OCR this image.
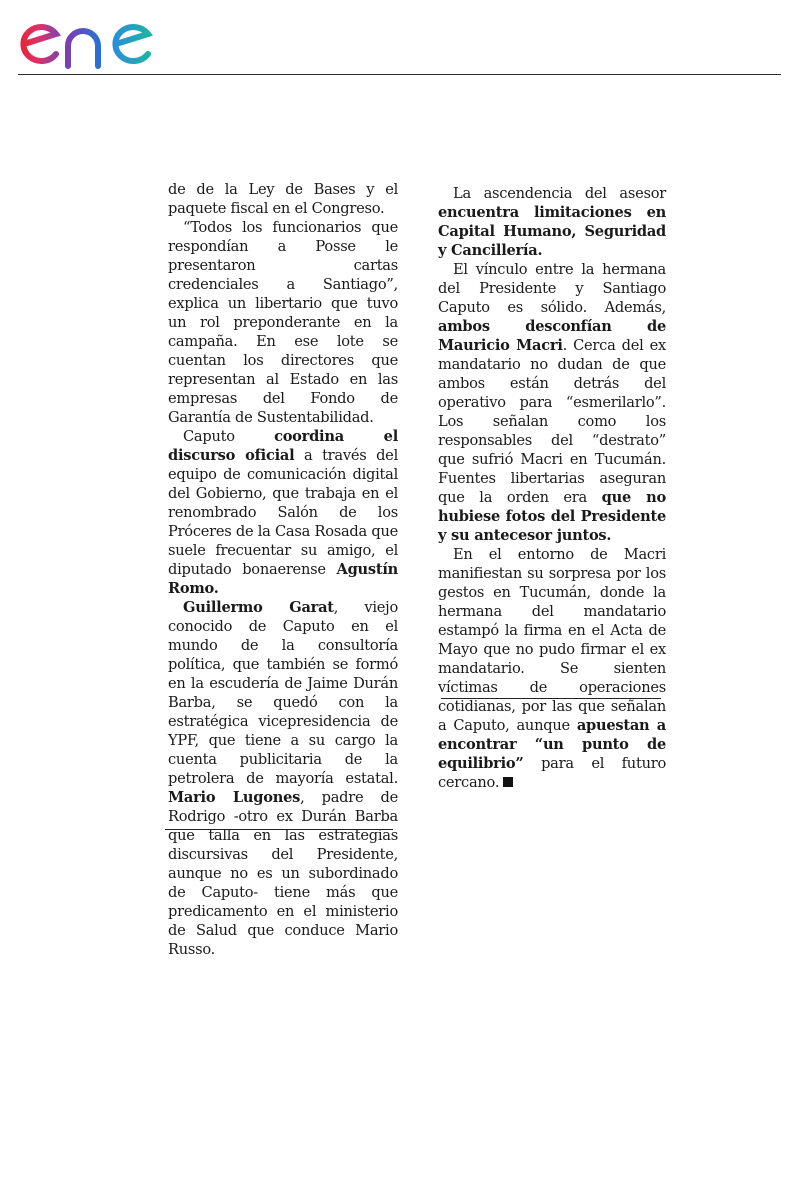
de de la Ley de Bases y el paquete fiscal en el Congreso.

“Todos los funcionarios que respondían a Posse le presentaron cartas credenciales a Santiago”, explica un libertario que tuvo un rol preponderante en la campaña. En ese lote se cuentan los directores que representan al Estado en las empresas del Fondo de Garantía de Sustentabilidad.

Caputo coordina el discurso oficial a través del equipo de comunicación digital del Gobierno, que trabaja en el renombrado Salón de los Próceres de la Casa Rosada que suele frecuentar su amigo, el diputado bonaerense Agustín Romo.

Guillermo Garat, viejo conocido de Caputo en el mundo de la consultoría política, que también se formó en la escudería de Jaime Durán Barba, se quedó con la estratégica vicepresidencia de YPF, que tiene a su cargo la cuenta publicitaria de la petrolera de mayoría estatal. Mario Lugones, padre de Rodrigo -otro ex Durán Barba que talla en las estrategias discursivas del Presidente, aunque no es un subordinado de Caputo- tiene más que predicamento en el ministerio de Salud que conduce Mario Russo.

La ascendencia del asesor encuentra limitaciones en Capital Humano, Seguridad y Cancillería.

El vínculo entre la hermana del Presidente y Santiago Caputo es sólido. Además, ambos desconfían de Mauricio Macri. Cerca del ex mandatario no dudan de que ambos están detrás del operativo para “esmerilarlo”. Los señalan como los responsables del “destrato” que sufrió Macri en Tucumán. Fuentes libertarias aseguran que la orden era que no hubiese fotos del Presidente y su antecesor juntos.

En el entorno de Macri manifiestan su sorpresa por los gestos en Tucumán, donde la hermana del mandatario estampó la firma en el Acta de Mayo que no pudo firmar el ex mandatario. Se sienten víctimas de operaciones cotidianas, por las que señalan a Caputo, aunque apuestan a encontrar “un punto de equilibrio” para el futuro cercano.
